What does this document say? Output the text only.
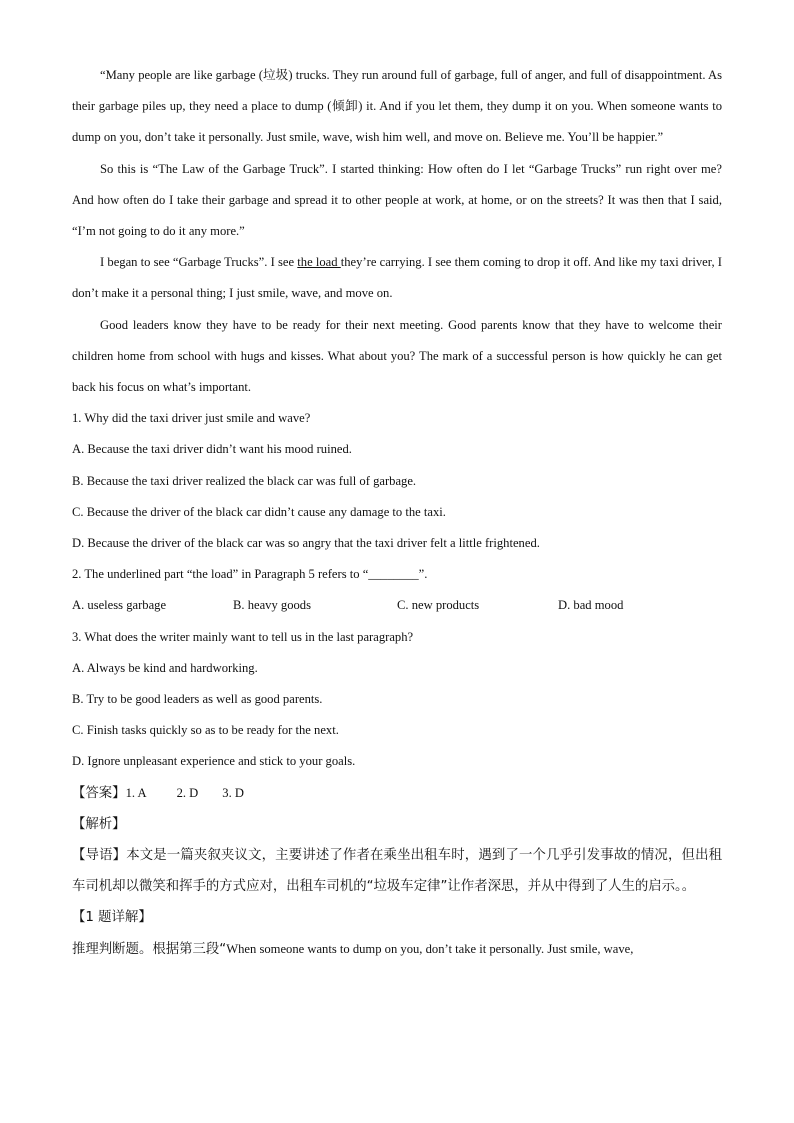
“Many people are like garbage (垃圾) trucks. They run around full of garbage, full of anger, and full of disappointment. As their garbage piles up, they need a place to dump (倾卸) it. And if you let them, they dump it on you. When someone wants to dump on you, don’t take it personally. Just smile, wave, wish him well, and move on. Believe me. You’ll be happier.”

So this is “The Law of the Garbage Truck”. I started thinking: How often do I let “Garbage Trucks” run right over me? And how often do I take their garbage and spread it to other people at work, at home, or on the streets? It was then that I said, “I’m not going to do it any more.”

I began to see “Garbage Trucks”. I see the load they’re carrying. I see them coming to drop it off. And like my taxi driver, I don’t make it a personal thing; I just smile, wave, and move on.

Good leaders know they have to be ready for their next meeting. Good parents know that they have to welcome their children home from school with hugs and kisses. What about you? The mark of a successful person is how quickly he can get back his focus on what’s important.

1. Why did the taxi driver just smile and wave?

A. Because the taxi driver didn’t want his mood ruined.

B. Because the taxi driver realized the black car was full of garbage.

C. Because the driver of the black car didn’t cause any damage to the taxi.

D. Because the driver of the black car was so angry that the taxi driver felt a little frightened.

2. The underlined part “the load” in Paragraph 5 refers to “________”.

A. useless garbage	B. heavy goods	C. new products	D. bad mood

3. What does the writer mainly want to tell us in the last paragraph?

A. Always be kind and hardworking.

B. Try to be good leaders as well as good parents.

C. Finish tasks quickly so as to be ready for the next.

D. Ignore unpleasant experience and stick to your goals.

【答案】1. A 2. D 3. D

【解析】

【导语】本文是一篇夹叙夹议文，主要讲述了作者在乘坐出租车时，遇到了一个几乎引发事故的情况，但出租车司机却以微笑和挥手的方式应对，出租车司机的“垃圾车定律”让作者深思，并从中得到了人生的启示。。

【1 题详解】

推理判断题。根据第三段“When someone wants to dump on you, don’t take it personally. Just smile, wave,
